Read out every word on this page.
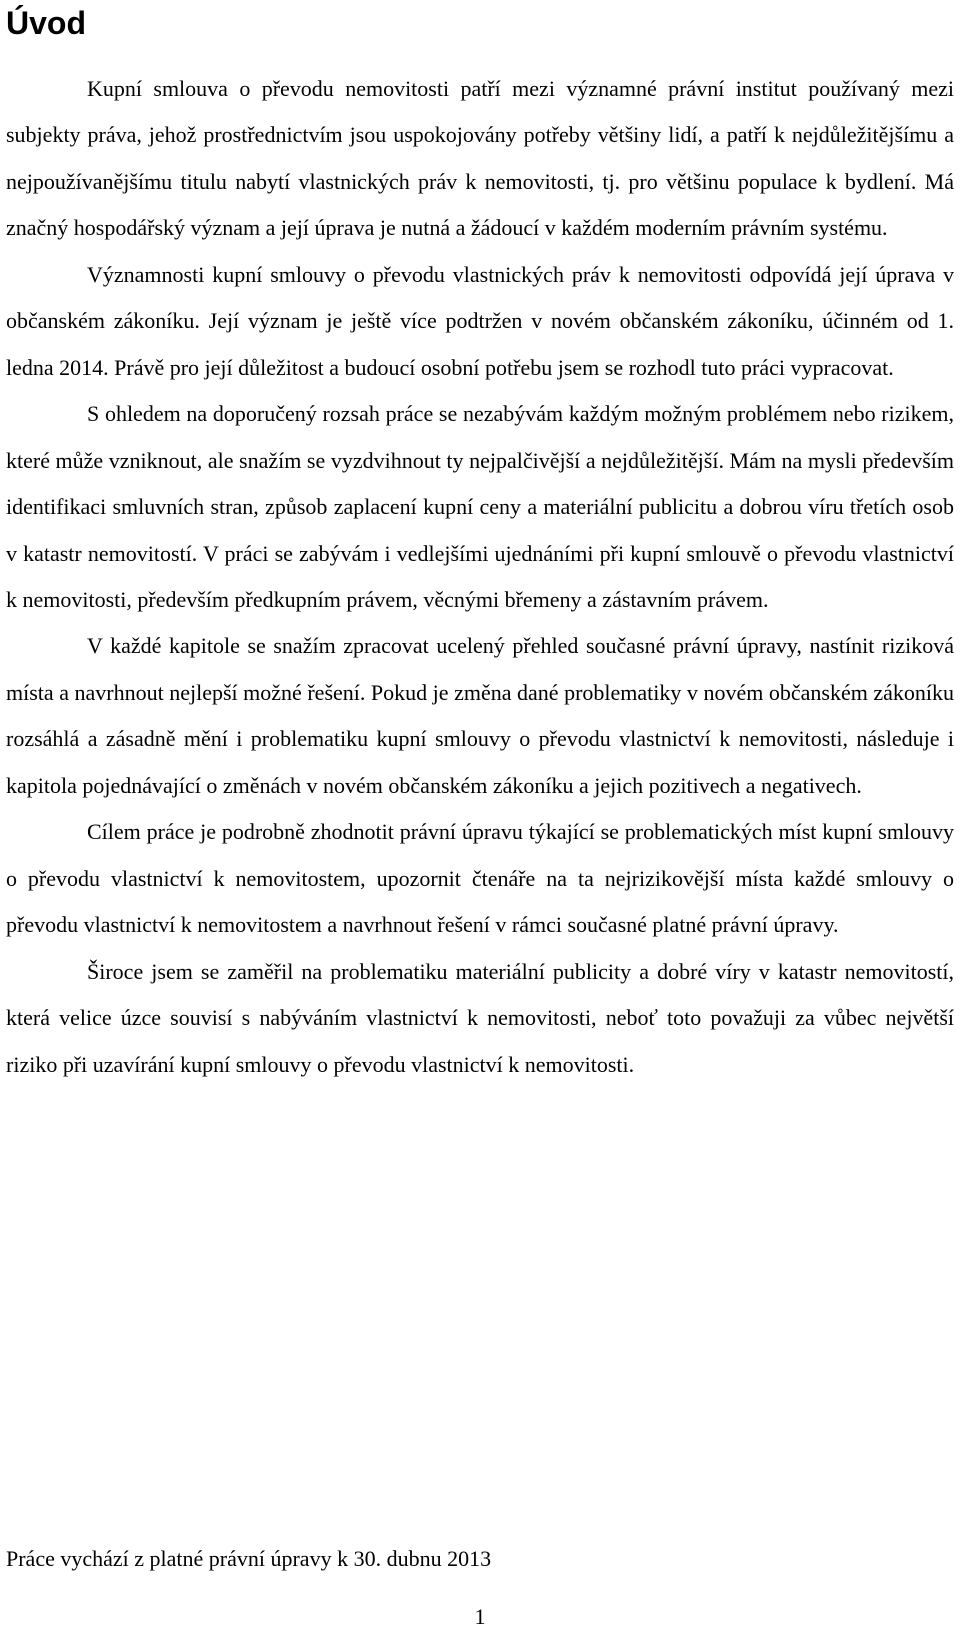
Úvod

Kupní smlouva o převodu nemovitosti patří mezi významné právní institut používaný mezi subjekty práva, jehož prostřednictvím jsou uspokojovány potřeby většiny lidí, a patří k nejdůležitějšímu a nejpoužívanějšímu titulu nabytí vlastnických práv k nemovitosti, tj. pro většinu populace k bydlení. Má značný hospodářský význam a její úprava je nutná a žádoucí v každém moderním právním systému.

Významnosti kupní smlouvy o převodu vlastnických práv k nemovitosti odpovídá její úprava v občanském zákoníku. Její význam je ještě více podtržen v novém občanském zákoníku, účinném od 1. ledna 2014. Právě pro její důležitost a budoucí osobní potřebu jsem se rozhodl tuto práci vypracovat.

S ohledem na doporučený rozsah práce se nezabývám každým možným problémem nebo rizikem, které může vzniknout, ale snažím se vyzdvihnout ty nejpalčivější a nejdůležitější. Mám na mysli především identifikaci smluvních stran, způsob zaplacení kupní ceny a materiální publicitu a dobrou víru třetích osob v katastr nemovitostí. V práci se zabývám i vedlejšími ujednáními při kupní smlouvě o převodu vlastnictví k nemovitosti, především předkupním právem, věcnými břemeny a zástavním právem.

V každé kapitole se snažím zpracovat ucelený přehled současné právní úpravy, nastínit riziková místa a navrhnout nejlepší možné řešení. Pokud je změna dané problematiky v novém občanském zákoníku rozsáhlá a zásadně mění i problematiku kupní smlouvy o převodu vlastnictví k nemovitosti, následuje i kapitola pojednávající o změnách v novém občanském zákoníku a jejich pozitivech a negativech.

Cílem práce je podrobně zhodnotit právní úpravu týkající se problematických míst kupní smlouvy o převodu vlastnictví k nemovitostem, upozornit čtenáře na ta nejrizikovější místa každé smlouvy o převodu vlastnictví k nemovitostem a navrhnout řešení v rámci současné platné právní úpravy.

Široce jsem se zaměřil na problematiku materiální publicity a dobré víry v katastr nemovitostí, která velice úzce souvisí s nabýváním vlastnictví k nemovitosti, neboť toto považuji za vůbec největší riziko při uzavírání kupní smlouvy o převodu vlastnictví k nemovitosti.

Práce vychází z platné právní úpravy k 30. dubnu 2013

1
